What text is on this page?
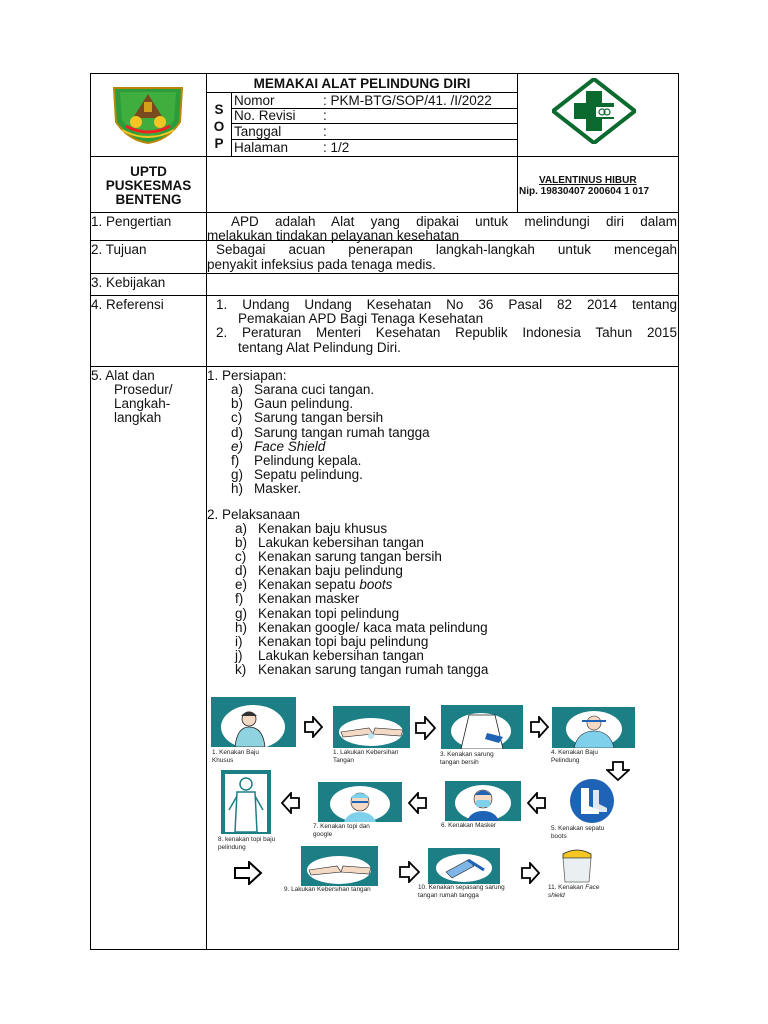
MEMAKAI ALAT PELINDUNG DIRI
S
O
P
Nomor	: PKM-BTG/SOP/41. /I/2022
No. Revisi :
Tanggal	:
Halaman	: 1/2
UPTD
PUSKESMAS
BENTENG
VALENTINUS HIBUR
Nip. 19830407 200604 1 017
1. Pengertian	APD adalah Alat yang dipakai untuk melindungi diri dalam
melakukan tindakan pelayanan kesehatan
2. Tujuan	Sebagai acuan penerapan langkah-langkah untuk mencegah
penyakit infeksius pada tenaga medis.
3. Kebijakan
4. Referensi	1. Undang Undang Kesehatan No 36 Pasal 82 2014 tentang
Pemakaian APD Bagi Tenaga Kesehatan
2. Peraturan Menteri Kesehatan Republik Indonesia Tahun 2015
tentang Alat Pelindung Diri.
5. Alat dan
Prosedur/
Langkah-
langkah
1. Persiapan:
a) Sarana cuci tangan.
b) Gaun pelindung.
c) Sarung tangan bersih
d) Sarung tangan rumah tangga
e) Face Shield
f) Pelindung kepala.
g) Sepatu pelindung.
h) Masker.
2. Pelaksanaan
a) Kenakan baju khusus
b) Lakukan kebersihan tangan
c) Kenakan sarung tangan bersih
d) Kenakan baju pelindung
e) Kenakan sepatu boots
f) Kenakan masker
g) Kenakan topi pelindung
h) Kenakan google/ kaca mata pelindung
i) Kenakan topi baju pelindung
j) Lakukan kebersihan tangan
k) Kenakan sarung tangan rumah tangga
1. Kenakan Baju
Khusus
1. Lakukan Kebersihan
Tangan
3. Kenakan sarung
tangan bersih
4. Kenakan Baju
Pelindung
8. kenakan topi baju
pelindung
7. Kenakan topi dan
google
6. Kenakan Masker	5. Kenakan sepatu
boots
9. Lakukan Kebersihan tangan	10. Kenakan sepasang sarung
tangan rumah tangga
11. Kenakan Face
shield
